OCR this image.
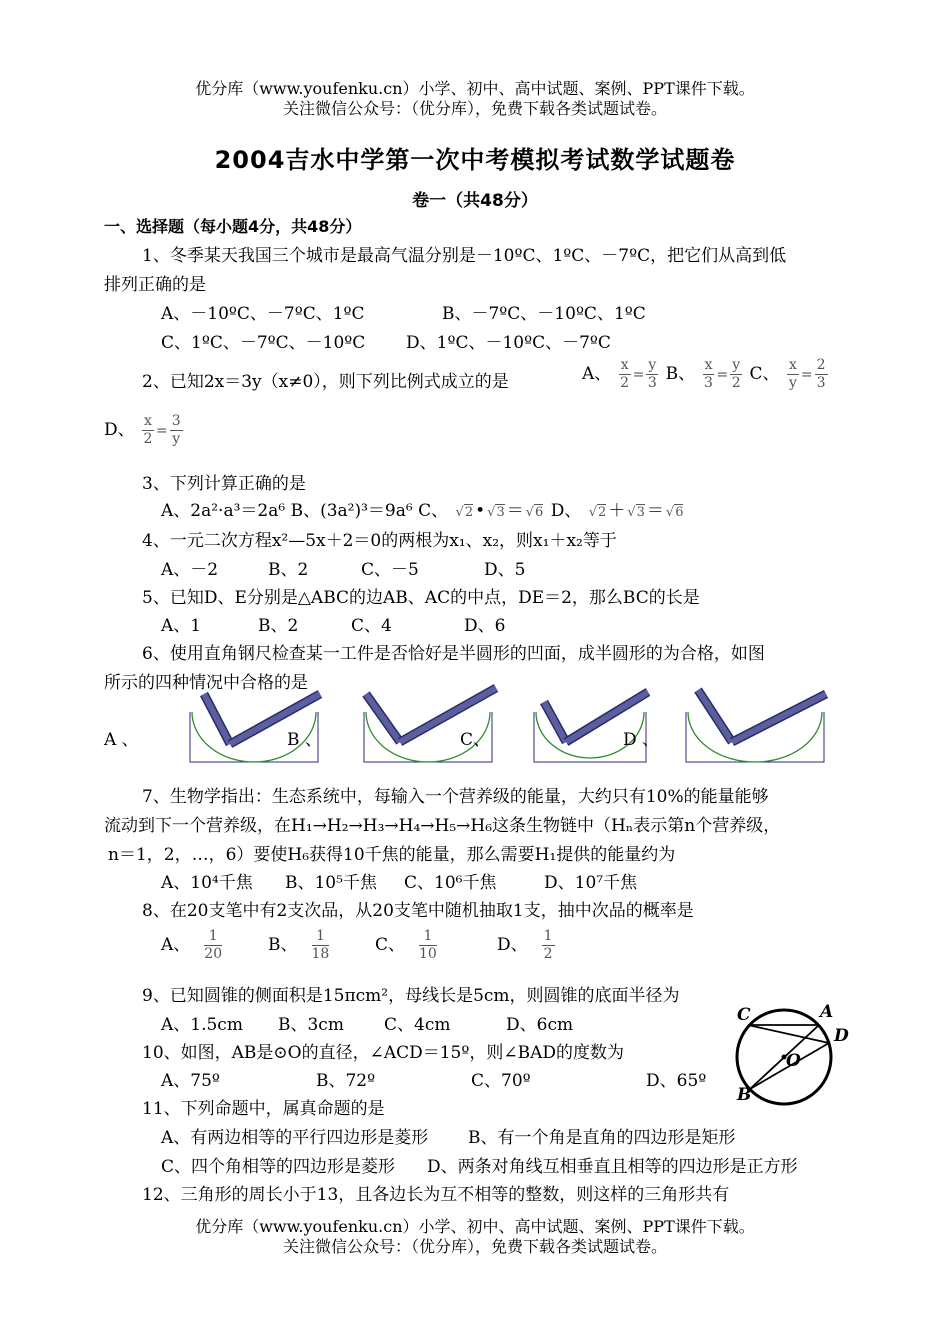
优分库（www.youfenku.cn）小学、初中、高中试题、案例、PPT课件下载。
关注微信公众号：（优分库），免费下载各类试题试卷。
2004吉水中学第一次中考模拟考试数学试题卷
卷一（共48分）
一、选择题（每小题4分，共48分）
1、冬季某天我国三个城市是最高气温分别是－10ºC、1ºC、－7ºC，把它们从高到低
排列正确的是
A、－10ºC、－7ºC、1ºC	B、－7ºC、－10ºC、1ºC
C、1ºC、－7ºC、－10ºC D、1ºC、－10ºC、－7ºC
2、已知2x＝3y（x≠0），则下列比例式成立的是	A、 $\frac{x}{2} = \frac{y}{3}$ B、 $\frac{x}{3} = \frac{y}{2}$ C、 $\frac{x}{y} = \frac{2}{3}$
D、 $\frac{x}{2} = \frac{3}{y}$
3、下列计算正确的是
A、2a²·a³＝2a⁶ B、(3a²)³＝9a⁶ C、 √2 • √3 ＝ √6 D、 √2 ＋ √3 ＝ √6
4、一元二次方程x²—5x＋2＝0的两根为x₁、x₂，则x₁＋x₂等于
A、－2	B、2	C、－5	D、5
5、已知D、E分别是△ABC的边AB、AC的中点，DE＝2，那么BC的长是
A、1	B、2	C、4	D、6
6、使用直角钢尺检查某一工件是否恰好是半圆形的凹面，成半圆形的为合格，如图
所示的四种情况中合格的是
A 、	B 、	C、	D 、
7、生物学指出：生态系统中，每输入一个营养级的能量，大约只有10%的能量能够
流动到下一个营养级，在H₁→H₂→H₃→H₄→H₅→H₆这条生物链中（Hₙ表示第n个营养级，
n＝1，2，…，6）要使H₆获得10千焦的能量，那么需要H₁提供的能量约为
A、10⁴千焦 B、10⁵千焦 C、10⁶千焦	D、10⁷千焦
8、在20支笔中有2支次品，从20支笔中随机抽取1支，抽中次品的概率是
A、 $\frac{1}{20}$	B、 $\frac{1}{18}$	C、 $\frac{1}{10}$	D、 $\frac{1}{2}$
9、已知圆锥的侧面积是15πcm²，母线长是5cm，则圆锥的底面半径为
A、1.5cm B、3cm C、4cm	D、6cm
10、如图，AB是⊙O的直径，∠ACD＝15º，则∠BAD的度数为
A、75º	B、72º	C、70º	D、65º
C	A
D
O
B
11、下列命题中，属真命题的是
A、有两边相等的平行四边形是菱形 B、有一个角是直角的四边形是矩形
C、四个角相等的四边形是菱形 D、两条对角线互相垂直且相等的四边形是正方形
12、三角形的周长小于13，且各边长为互不相等的整数，则这样的三角形共有
优分库（www.youfenku.cn）小学、初中、高中试题、案例、PPT课件下载。
关注微信公众号：（优分库），免费下载各类试题试卷。
